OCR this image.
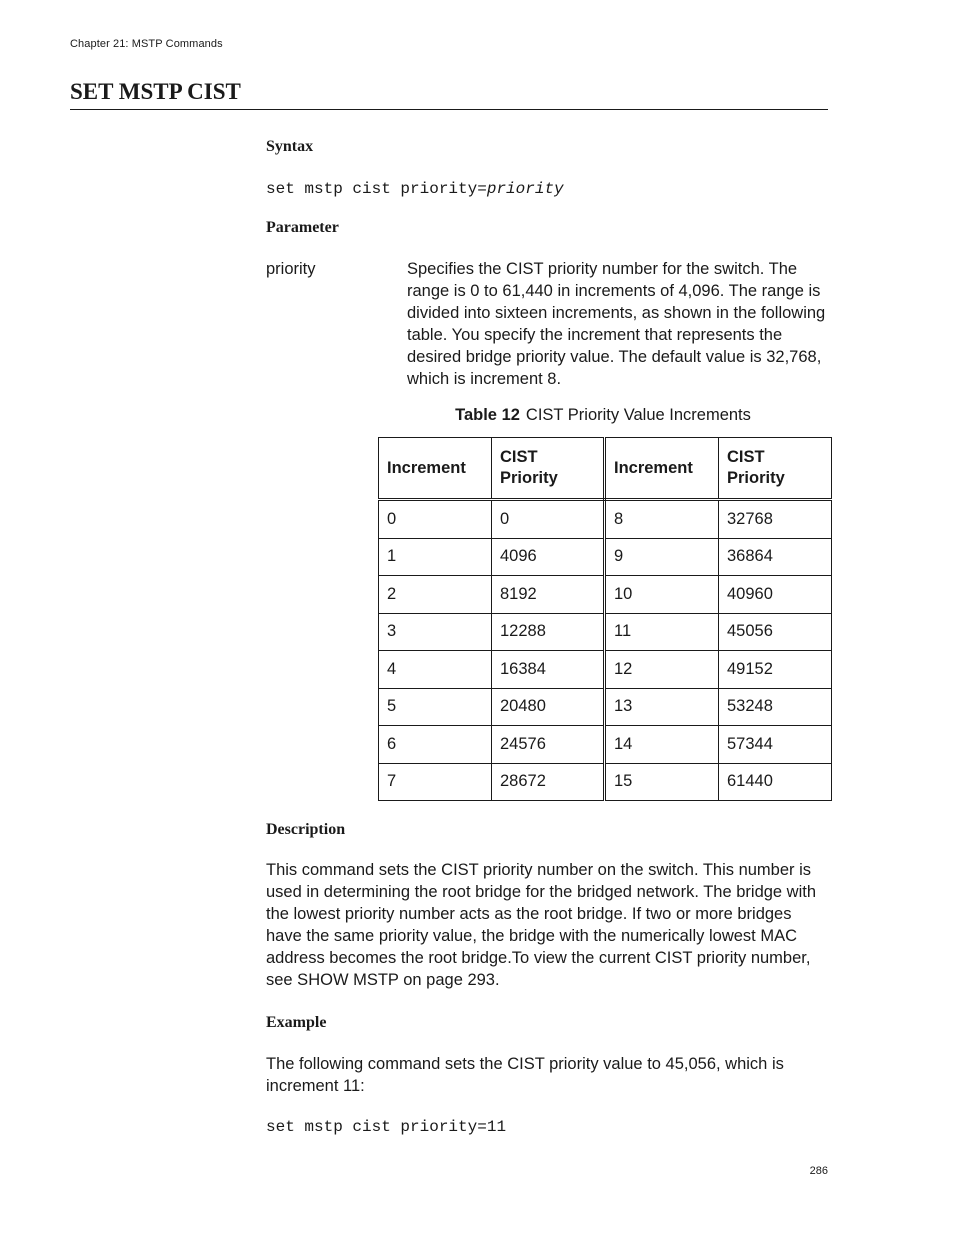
Chapter 21: MSTP Commands
SET MSTP CIST
Syntax
set mstp cist priority=priority
Parameter
priority	Specifies the CIST priority number for the switch. The range is 0 to 61,440 in increments of 4,096. The range is divided into sixteen increments, as shown in the following table. You specify the increment that represents the desired bridge priority value. The default value is 32,768, which is increment 8.

Table 12 CIST Priority Value Increments
Increment	CIST Priority	Increment	CIST Priority
0	0	8	32768
1	4096	9	36864
2	8192	10	40960
3	12288	11	45056
4	16384	12	49152
5	20480	13	53248
6	24576	14	57344
7	28672	15	61440
Description

This command sets the CIST priority number on the switch. This number is used in determining the root bridge for the bridged network. The bridge with the lowest priority number acts as the root bridge. If two or more bridges have the same priority value, the bridge with the numerically lowest MAC address becomes the root bridge.To view the current CIST priority number, see SHOW MSTP on page 293.

Example

The following command sets the CIST priority value to 45,056, which is increment 11:

set mstp cist priority=11
286
